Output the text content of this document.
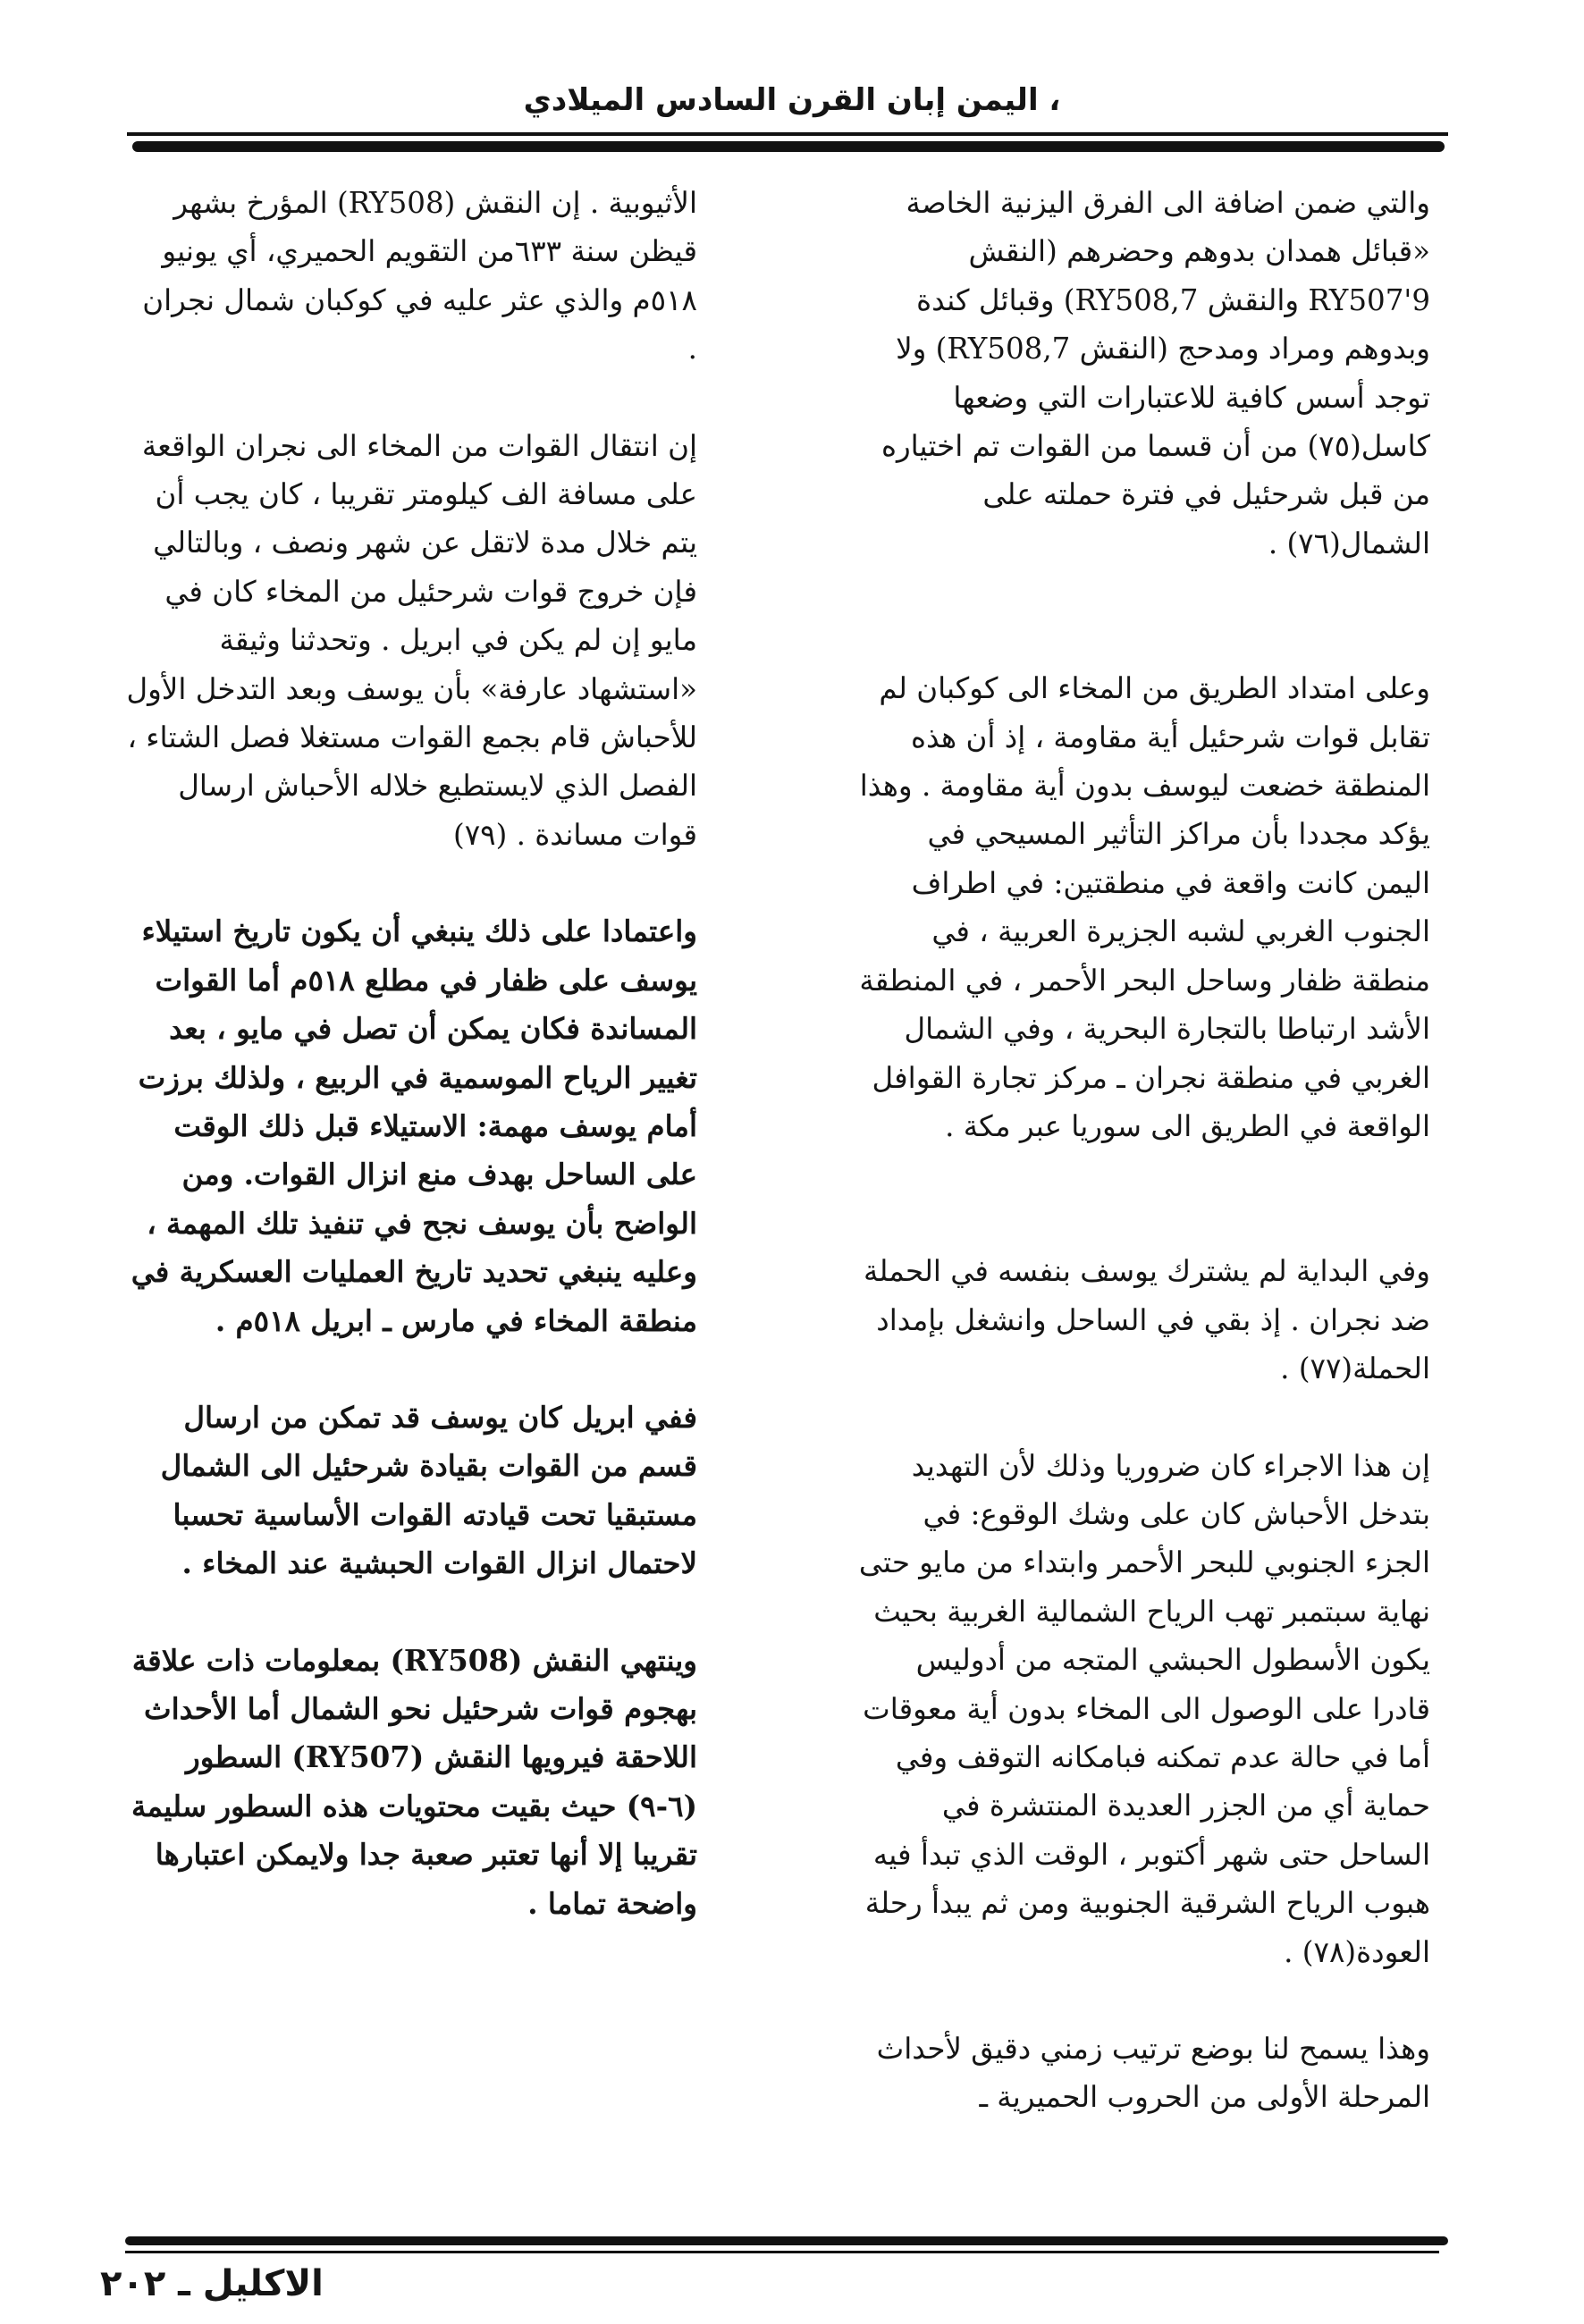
، اليمن إبان القرن السادس الميلادي

والتي ضمن اضافة الى الفرق اليزنية الخاصة «قبائل همدان بدوهم وحضرهم (النقش RY507'9 والنقش RY508,7) وقبائل كندة وبدوهم ومراد ومدحج (النقش RY508,7) ولا توجد أسس كافية للاعتبارات التي وضعها كاسل(٧٥) من أن قسما من القوات تم اختياره من قبل شرحئيل في فترة حملته على الشمال(٧٦) .

وعلى امتداد الطريق من المخاء الى كوكبان لم تقابل قوات شرحئيل أية مقاومة ، إذ أن هذه المنطقة خضعت ليوسف بدون أية مقاومة . وهذا يؤكد مجددا بأن مراكز التأثير المسيحي في اليمن كانت واقعة في منطقتين: في اطراف الجنوب الغربي لشبه الجزيرة العربية ، في منطقة ظفار وساحل البحر الأحمر ، في المنطقة الأشد ارتباطا بالتجارة البحرية ، وفي الشمال الغربي في منطقة نجران ـ مركز تجارة القوافل الواقعة في الطريق الى سوريا عبر مكة .

وفي البداية لم يشترك يوسف بنفسه في الحملة ضد نجران . إذ بقي في الساحل وانشغل بإمداد الحملة(٧٧) .

إن هذا الاجراء كان ضروريا وذلك لأن التهديد بتدخل الأحباش كان على وشك الوقوع: في الجزء الجنوبي للبحر الأحمر وابتداء من مايو حتى نهاية سبتمبر تهب الرياح الشمالية الغربية بحيث يكون الأسطول الحبشي المتجه من أدوليس قادرا على الوصول الى المخاء بدون أية معوقات أما في حالة عدم تمكنه فبامكانه التوقف وفي حماية أي من الجزر العديدة المنتشرة في الساحل حتى شهر أكتوبر ، الوقت الذي تبدأ فيه هبوب الرياح الشرقية الجنوبية ومن ثم يبدأ رحلة العودة(٧٨) .

وهذا يسمح لنا بوضع ترتيب زمني دقيق لأحداث المرحلة الأولى من الحروب الحميرية ـ

الأثيوبية . إن النقش (RY508) المؤرخ بشهر قيظن سنة ٦٣٣من التقويم الحميري، أي يونيو ٥١٨م والذي عثر عليه في كوكبان شمال نجران .

إن انتقال القوات من المخاء الى نجران الواقعة على مسافة الف كيلومتر تقريبا ، كان يجب أن يتم خلال مدة لاتقل عن شهر ونصف ، وبالتالي فإن خروج قوات شرحئيل من المخاء كان في مايو إن لم يكن في ابريل . وتحدثنا وثيقة «استشهاد عارفة» بأن يوسف وبعد التدخل الأول للأحباش قام بجمع القوات مستغلا فصل الشتاء ، الفصل الذي لايستطيع خلاله الأحباش ارسال قوات مساندة . (٧٩)

واعتمادا على ذلك ينبغي أن يكون تاريخ استيلاء يوسف على ظفار في مطلع ٥١٨م أما القوات المساندة فكان يمكن أن تصل في مايو ، بعد تغيير الرياح الموسمية في الربيع ، ولذلك برزت أمام يوسف مهمة: الاستيلاء قبل ذلك الوقت على الساحل بهدف منع انزال القوات. ومن الواضح بأن يوسف نجح في تنفيذ تلك المهمة ، وعليه ينبغي تحديد تاريخ العمليات العسكرية في منطقة المخاء في مارس ـ ابريل ٥١٨م .

ففي ابريل كان يوسف قد تمكن من ارسال قسم من القوات بقيادة شرحئيل الى الشمال مستبقيا تحت قيادته القوات الأساسية تحسبا لاحتمال انزال القوات الحبشية عند المخاء .

وينتهي النقش (RY508) بمعلومات ذات علاقة بهجوم قوات شرحئيل نحو الشمال أما الأحداث اللاحقة فيرويها النقش (RY507) السطور (٦-٩) حيث بقيت محتويات هذه السطور سليمة تقريبا إلا أنها تعتبر صعبة جدا ولايمكن اعتبارها واضحة تماما .

الاكليل ـ ٢٠٢
